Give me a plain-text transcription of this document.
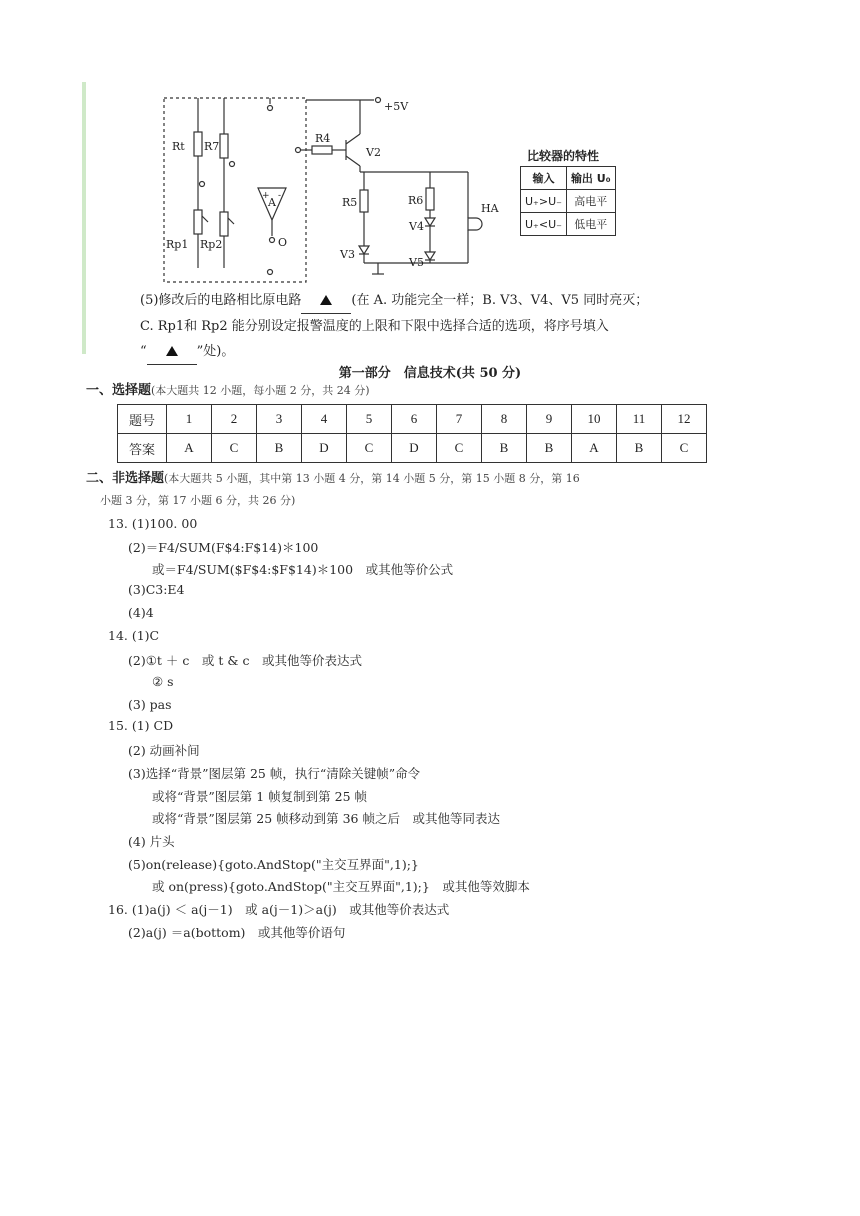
Rt R7
Rp1 Rp2
R4
V2
R5	R6
V3
V4
V5
HA
+5V
A
O
+ -
比较器的特性
输入	输出 U₀
U₊>U₋	高电平
U₊<U₋	低电平
(5)修改后的电路相比原电路	(在 A. 功能完全一样；B. V3、V4、V5 同时亮灭；
C. Rp1和 Rp2 能分别设定报警温度的上限和下限中选择合适的选项，将序号填入
“	”处)。
第一部分　信息技术(共 50 分)
一、选择题(本大题共 12 小题，每小题 2 分，共 24 分)
题号	1	2	3	4	5	6	7	8	9	10	11	12
答案	A	C	B	D	C	D	C	B	B	A	B	C
二、非选择题(本大题共 5 小题，其中第 13 小题 4 分，第 14 小题 5 分，第 15 小题 8 分，第 16
小题 3 分，第 17 小题 6 分，共 26 分)
13. (1)100. 00
(2)＝F4/SUM(F$4:F$14)＊100
或＝F4/SUM($F$4:$F$14)＊100　或其他等价公式
(3)C3:E4
(4)4
14. (1)C
(2)①t ＋ c　或 t & c　或其他等价表达式
② s
(3) pas
15. (1) CD
(2) 动画补间
(3)选择“背景”图层第 25 帧，执行“清除关键帧”命令
或将“背景”图层第 1 帧复制到第 25 帧
或将“背景”图层第 25 帧移动到第 36 帧之后　或其他等同表达
(4) 片头
(5)on(release){goto.AndStop("主交互界面",1);}
或 on(press){goto.AndStop("主交互界面",1);}　或其他等效脚本
16. (1)a(j) ＜ a(j－1)　或 a(j－1)＞a(j)　或其他等价表达式
(2)a(j) ＝a(bottom)　或其他等价语句
